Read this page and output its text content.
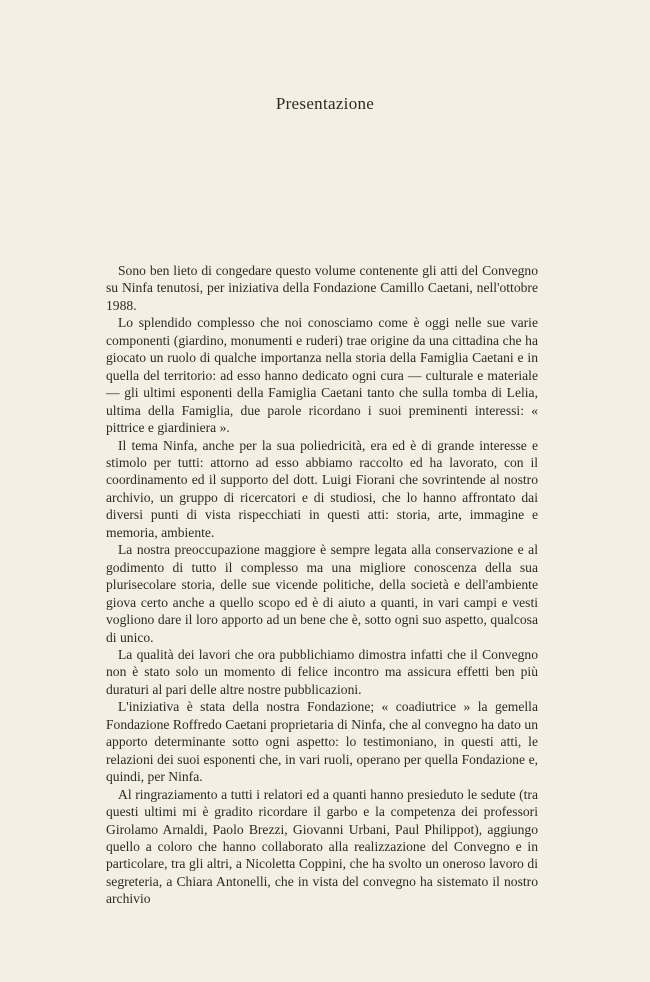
Presentazione

Sono ben lieto di congedare questo volume contenente gli atti del Convegno su Ninfa tenutosi, per iniziativa della Fondazione Camillo Caetani, nell'ottobre 1988.

Lo splendido complesso che noi conosciamo come è oggi nelle sue varie componenti (giardino, monumenti e ruderi) trae origine da una cittadina che ha giocato un ruolo di qualche importanza nella storia della Famiglia Caetani e in quella del territorio: ad esso hanno dedicato ogni cura — culturale e materiale — gli ultimi esponenti della Famiglia Caetani tanto che sulla tomba di Lelia, ultima della Famiglia, due parole ricordano i suoi preminenti interessi: « pittrice e giardiniera ».

Il tema Ninfa, anche per la sua poliedricità, era ed è di grande interesse e stimolo per tutti: attorno ad esso abbiamo raccolto ed ha lavorato, con il coordinamento ed il supporto del dott. Luigi Fiorani che sovrintende al nostro archivio, un gruppo di ricercatori e di studiosi, che lo hanno affrontato dai diversi punti di vista rispecchiati in questi atti: storia, arte, immagine e memoria, ambiente.

La nostra preoccupazione maggiore è sempre legata alla conservazione e al godimento di tutto il complesso ma una migliore conoscenza della sua plurisecolare storia, delle sue vicende politiche, della società e dell'ambiente giova certo anche a quello scopo ed è di aiuto a quanti, in vari campi e vesti vogliono dare il loro apporto ad un bene che è, sotto ogni suo aspetto, qualcosa di unico.

La qualità dei lavori che ora pubblichiamo dimostra infatti che il Convegno non è stato solo un momento di felice incontro ma assicura effetti ben più duraturi al pari delle altre nostre pubblicazioni.

L'iniziativa è stata della nostra Fondazione; « coadiutrice » la gemella Fondazione Roffredo Caetani proprietaria di Ninfa, che al convegno ha dato un apporto determinante sotto ogni aspetto: lo testimoniano, in questi atti, le relazioni dei suoi esponenti che, in vari ruoli, operano per quella Fondazione e, quindi, per Ninfa.

Al ringraziamento a tutti i relatori ed a quanti hanno presieduto le sedute (tra questi ultimi mi è gradito ricordare il garbo e la competenza dei professori Girolamo Arnaldi, Paolo Brezzi, Giovanni Urbani, Paul Philippot), aggiungo quello a coloro che hanno collaborato alla realizzazione del Convegno e in particolare, tra gli altri, a Nicoletta Coppini, che ha svolto un oneroso lavoro di segreteria, a Chiara Antonelli, che in vista del convegno ha sistemato il nostro archivio
